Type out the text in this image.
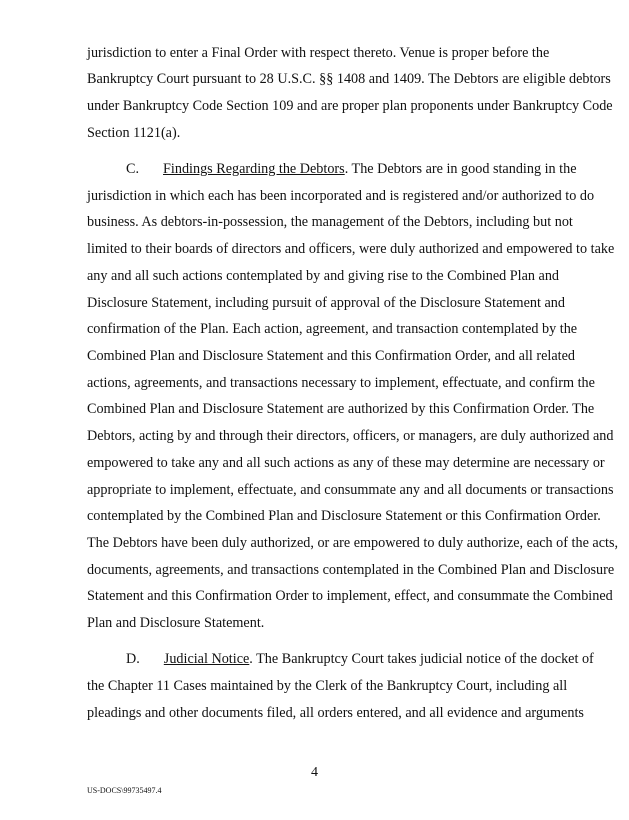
jurisdiction to enter a Final Order with respect thereto. Venue is proper before the
Bankruptcy Court pursuant to 28 U.S.C. §§ 1408 and 1409. The Debtors are eligible debtors
under Bankruptcy Code Section 109 and are proper plan proponents under Bankruptcy Code
Section 1121(a).
C. Findings Regarding the Debtors. The Debtors are in good standing in the
jurisdiction in which each has been incorporated and is registered and/or authorized to do
business. As debtors-in-possession, the management of the Debtors, including but not
limited to their boards of directors and officers, were duly authorized and empowered to take
any and all such actions contemplated by and giving rise to the Combined Plan and
Disclosure Statement, including pursuit of approval of the Disclosure Statement and
confirmation of the Plan. Each action, agreement, and transaction contemplated by the
Combined Plan and Disclosure Statement and this Confirmation Order, and all related
actions, agreements, and transactions necessary to implement, effectuate, and confirm the
Combined Plan and Disclosure Statement are authorized by this Confirmation Order. The
Debtors, acting by and through their directors, officers, or managers, are duly authorized and
empowered to take any and all such actions as any of these may determine are necessary or
appropriate to implement, effectuate, and consummate any and all documents or transactions
contemplated by the Combined Plan and Disclosure Statement or this Confirmation Order.
The Debtors have been duly authorized, or are empowered to duly authorize, each of the acts,
documents, agreements, and transactions contemplated in the Combined Plan and Disclosure
Statement and this Confirmation Order to implement, effect, and consummate the Combined
Plan and Disclosure Statement.
D. Judicial Notice. The Bankruptcy Court takes judicial notice of the docket of
the Chapter 11 Cases maintained by the Clerk of the Bankruptcy Court, including all
pleadings and other documents filed, all orders entered, and all evidence and arguments
4
US-DOCS\99735497.4
